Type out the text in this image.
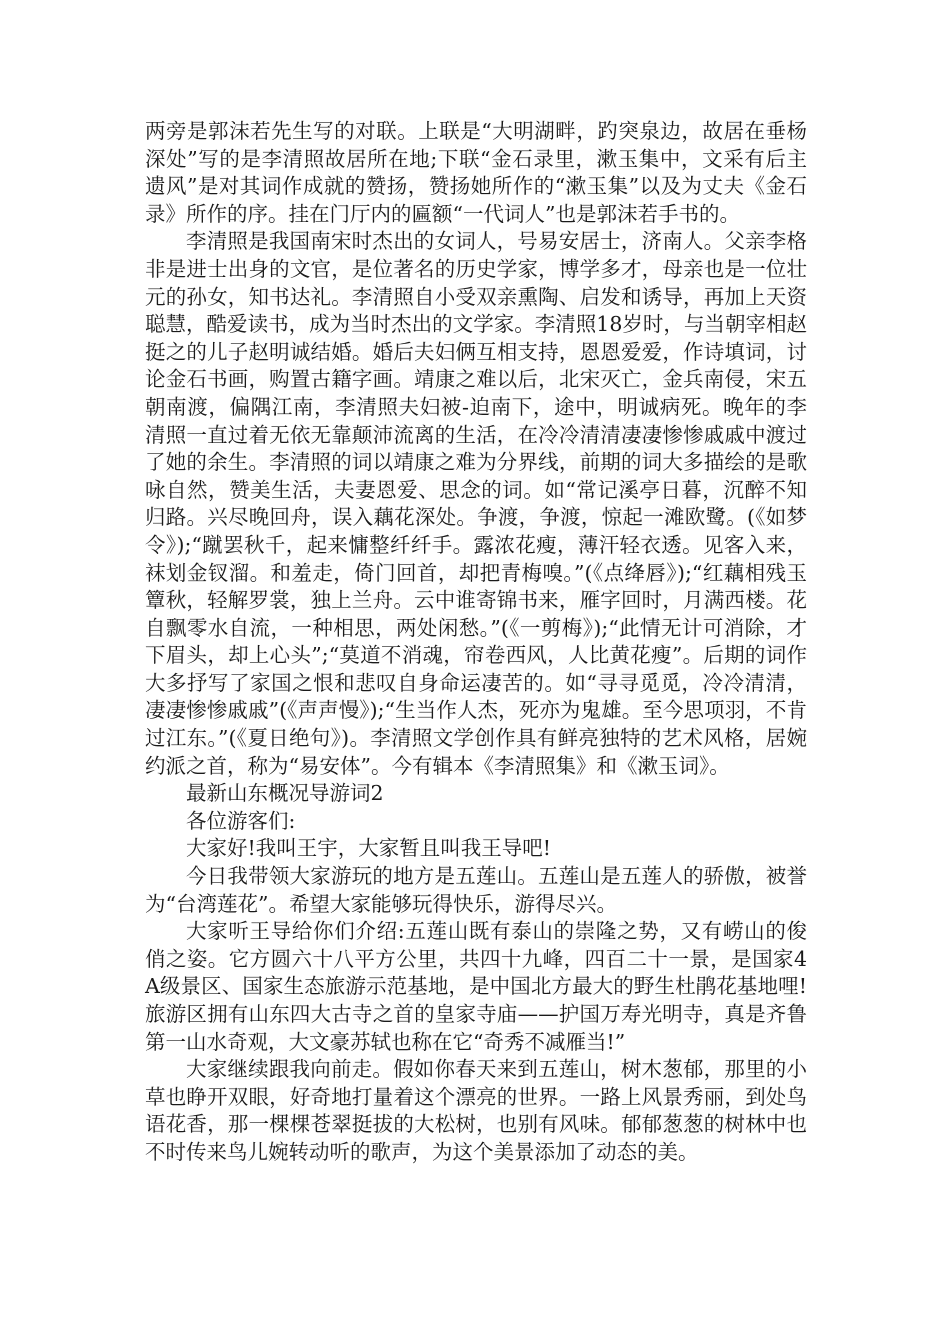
两旁是郭沫若先生写的对联。上联是“大明湖畔，趵突泉边，故居在垂杨深处”写的是李清照故居所在地;下联“金石录里，漱玉集中，文采有后主遗风”是对其词作成就的赞扬，赞扬她所作的“漱玉集”以及为丈夫《金石录》所作的序。挂在门厅内的匾额“一代词人”也是郭沫若手书的。

李清照是我国南宋时杰出的女词人，号易安居士，济南人。父亲李格非是进士出身的文官，是位著名的历史学家，博学多才，母亲也是一位壮元的孙女，知书达礼。李清照自小受双亲熏陶、启发和诱导，再加上天资聪慧，酷爱读书，成为当时杰出的文学家。李清照18岁时，与当朝宰相赵挺之的儿子赵明诚结婚。婚后夫妇俩互相支持，恩恩爱爱，作诗填词，讨论金石书画，购置古籍字画。靖康之难以后，北宋灭亡，金兵南侵，宋五朝南渡，偏隅江南，李清照夫妇被-迫南下，途中，明诚病死。晚年的李清照一直过着无依无靠颠沛流离的生活，在冷冷清清凄凄惨惨戚戚中渡过了她的余生。李清照的词以靖康之难为分界线，前期的词大多描绘的是歌咏自然，赞美生活，夫妻恩爱、思念的词。如“常记溪亭日暮，沉醉不知归路。兴尽晚回舟，误入藕花深处。争渡，争渡，惊起一滩欧鹭。(《如梦令》);“蹴罢秋千，起来慵整纤纤手。露浓花瘦，薄汗轻衣透。见客入来，袜划金钗溜。和羞走，倚门回首，却把青梅嗅。”(《点绛唇》);“红藕相残玉簟秋，轻解罗裳，独上兰舟。云中谁寄锦书来，雁字回时，月满西楼。花自飘零水自流，一种相思，两处闲愁。”(《一剪梅》);“此情无计可消除，才下眉头，却上心头”;“莫道不消魂，帘卷西风，人比黄花瘦”。后期的词作大多抒写了家国之恨和悲叹自身命运凄苦的。如“寻寻觅觅，冷冷清清，凄凄惨惨戚戚”(《声声慢》);“生当作人杰，死亦为鬼雄。至今思项羽，不肯过江东。”(《夏日绝句》)。李清照文学创作具有鲜亮独特的艺术风格，居婉约派之首，称为“易安体”。今有辑本《李清照集》和《漱玉词》。

最新山东概况导游词2

各位游客们:

大家好!我叫王宇，大家暂且叫我王导吧!

今日我带领大家游玩的地方是五莲山。五莲山是五莲人的骄傲，被誉为“台湾莲花”。希望大家能够玩得快乐，游得尽兴。

大家听王导给你们介绍:五莲山既有泰山的崇隆之势，又有崂山的俊俏之姿。它方圆六十八平方公里，共四十九峰，四百二十一景，是国家4A级景区、国家生态旅游示范基地，是中国北方最大的野生杜鹃花基地哩!旅游区拥有山东四大古寺之首的皇家寺庙——护国万寿光明寺，真是齐鲁第一山水奇观，大文豪苏轼也称在它“奇秀不减雁当!”

大家继续跟我向前走。假如你春天来到五莲山，树木葱郁，那里的小草也睁开双眼，好奇地打量着这个漂亮的世界。一路上风景秀丽，到处鸟语花香，那一棵棵苍翠挺拔的大松树，也别有风味。郁郁葱葱的树林中也不时传来鸟儿婉转动听的歌声，为这个美景添加了动态的美。
